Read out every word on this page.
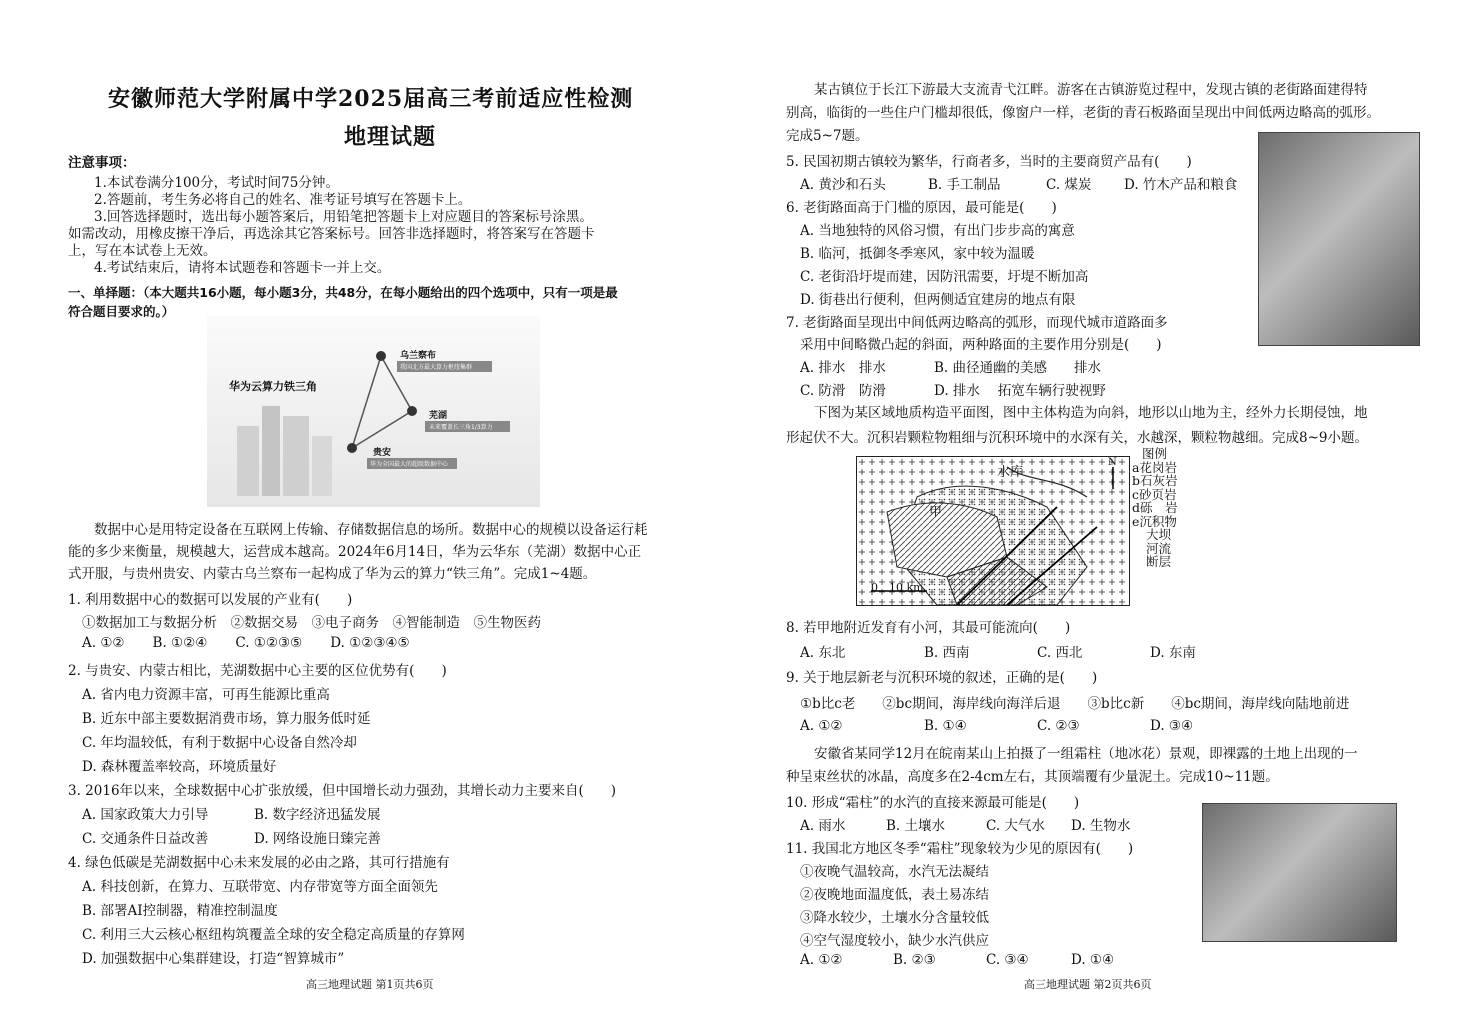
安徽师范大学附属中学2025届高三考前适应性检测
地理试题
注意事项：
1.本试卷满分100分，考试时间75分钟。
2.答题前，考生务必将自己的姓名、准考证号填写在答题卡上。
3.回答选择题时，选出每小题答案后，用铅笔把答题卡上对应题目的答案标号涂黑。
如需改动，用橡皮擦干净后，再选涂其它答案标号。回答非选择题时，将答案写在答题卡
上，写在本试卷上无效。
4.考试结束后，请将本试题卷和答题卡一并上交。
一、单择题：（本大题共16小题，每小题3分，共48分，在每小题给出的四个选项中，只有一项是最
符合题目要求的。）
华为云算力铁三角
乌兰察布
我国北方最大算力枢纽集群
芜湖
未来覆盖长三角1/3算力
贵安
华为全国最大的超级数据中心
数据中心是用特定设备在互联网上传输、存储数据信息的场所。数据中心的规模以设备运行耗
能的多少来衡量，规模越大，运营成本越高。2024年6月14日，华为云华东（芜湖）数据中心正
式开服，与贵州贵安、内蒙古乌兰察布一起构成了华为云的算力“铁三角”。完成1~4题。
1. 利用数据中心的数据可以发展的产业有(　　)
①数据加工与数据分析　②数据交易　③电子商务　④智能制造　⑤生物医药
A. ①② B. ①②④ C. ①②③⑤ D. ①②③④⑤
2. 与贵安、内蒙古相比，芜湖数据中心主要的区位优势有(　　)
A. 省内电力资源丰富，可再生能源比重高
B. 近东中部主要数据消费市场，算力服务低时延
C. 年均温较低，有利于数据中心设备自然冷却
D. 森林覆盖率较高，环境质量好
3. 2016年以来，全球数据中心扩张放缓，但中国增长动力强劲，其增长动力主要来自(　　)
A. 国家政策大力引导	B. 数字经济迅猛发展
C. 交通条件日益改善	D. 网络设施日臻完善
4. 绿色低碳是芜湖数据中心未来发展的必由之路，其可行措施有
A. 科技创新，在算力、互联带宽、内存带宽等方面全面领先
B. 部署AI控制器，精准控制温度
C. 利用三大云核心枢纽构筑覆盖全球的安全稳定高质量的存算网
D. 加强数据中心集群建设，打造“智算城市”
高三地理试题 第1页共6页
某古镇位于长江下游最大支流青弋江畔。游客在古镇游览过程中，发现古镇的老街路面建得特
别高，临街的一些住户门槛却很低，像窗户一样，老街的青石板路面呈现出中间低两边略高的弧形。
完成5~7题。
5. 民国初期古镇较为繁华，行商者多，当时的主要商贸产品有(　　)
A. 黄沙和石头	B. 手工制品	C. 煤炭 D. 竹木产品和粮食
6. 老街路面高于门槛的原因，最可能是(　　)
A. 当地独特的风俗习惯，有出门步步高的寓意
B. 临河，抵御冬季寒风，家中较为温暖
C. 老街沿圩堤而建，因防汛需要，圩堤不断加高
D. 街巷出行便利，但两侧适宜建房的地点有限
7. 老街路面呈现出中间低两边略高的弧形，而现代城市道路面多
采用中间略微凸起的斜面，两种路面的主要作用分别是(　　)
A. 排水　排水	B. 曲径通幽的美感　　排水
C. 防滑　防滑	D. 排水　 拓宽车辆行驶视野
下图为某区域地质构造平面图，图中主体构造为向斜，地形以山地为主，经外力长期侵蚀，地
形起伏不大。沉积岩颗粒物粗细与沉积环境中的水深有关，水越深，颗粒物越细。完成8~9小题。
水库
甲
0　10 km
N
图例
a花岗岩
b石灰岩
c砂页岩
d砾　岩
e沉积物
大坝
河流
断层
8. 若甲地附近发育有小河，其最可能流向(　　)
A. 东北	B. 西南	C. 西北	D. 东南
9. 关于地层新老与沉积环境的叙述，正确的是(　　)
①b比c老　　②bc期间，海岸线向海洋后退　　③b比c新　　④bc期间，海岸线向陆地前进
A. ①②	B. ①④	C. ②③	D. ③④
安徽省某同学12月在皖南某山上拍摄了一组霜柱（地冰花）景观，即裸露的土地上出现的一
种呈束丝状的冰晶，高度多在2-4cm左右，其顶端覆有少量泥土。完成10~11题。
10. 形成“霜柱”的水汽的直接来源最可能是(　　)
A. 雨水	B. 土壤水	C. 大气水 D. 生物水
11. 我国北方地区冬季“霜柱”现象较为少见的原因有(　　)
①夜晚气温较高，水汽无法凝结
②夜晚地面温度低，表土易冻结
③降水较少，土壤水分含量较低
④空气湿度较小，缺少水汽供应
A. ①②	B. ②③	C. ③④	D. ①④
高三地理试题 第2页共6页
